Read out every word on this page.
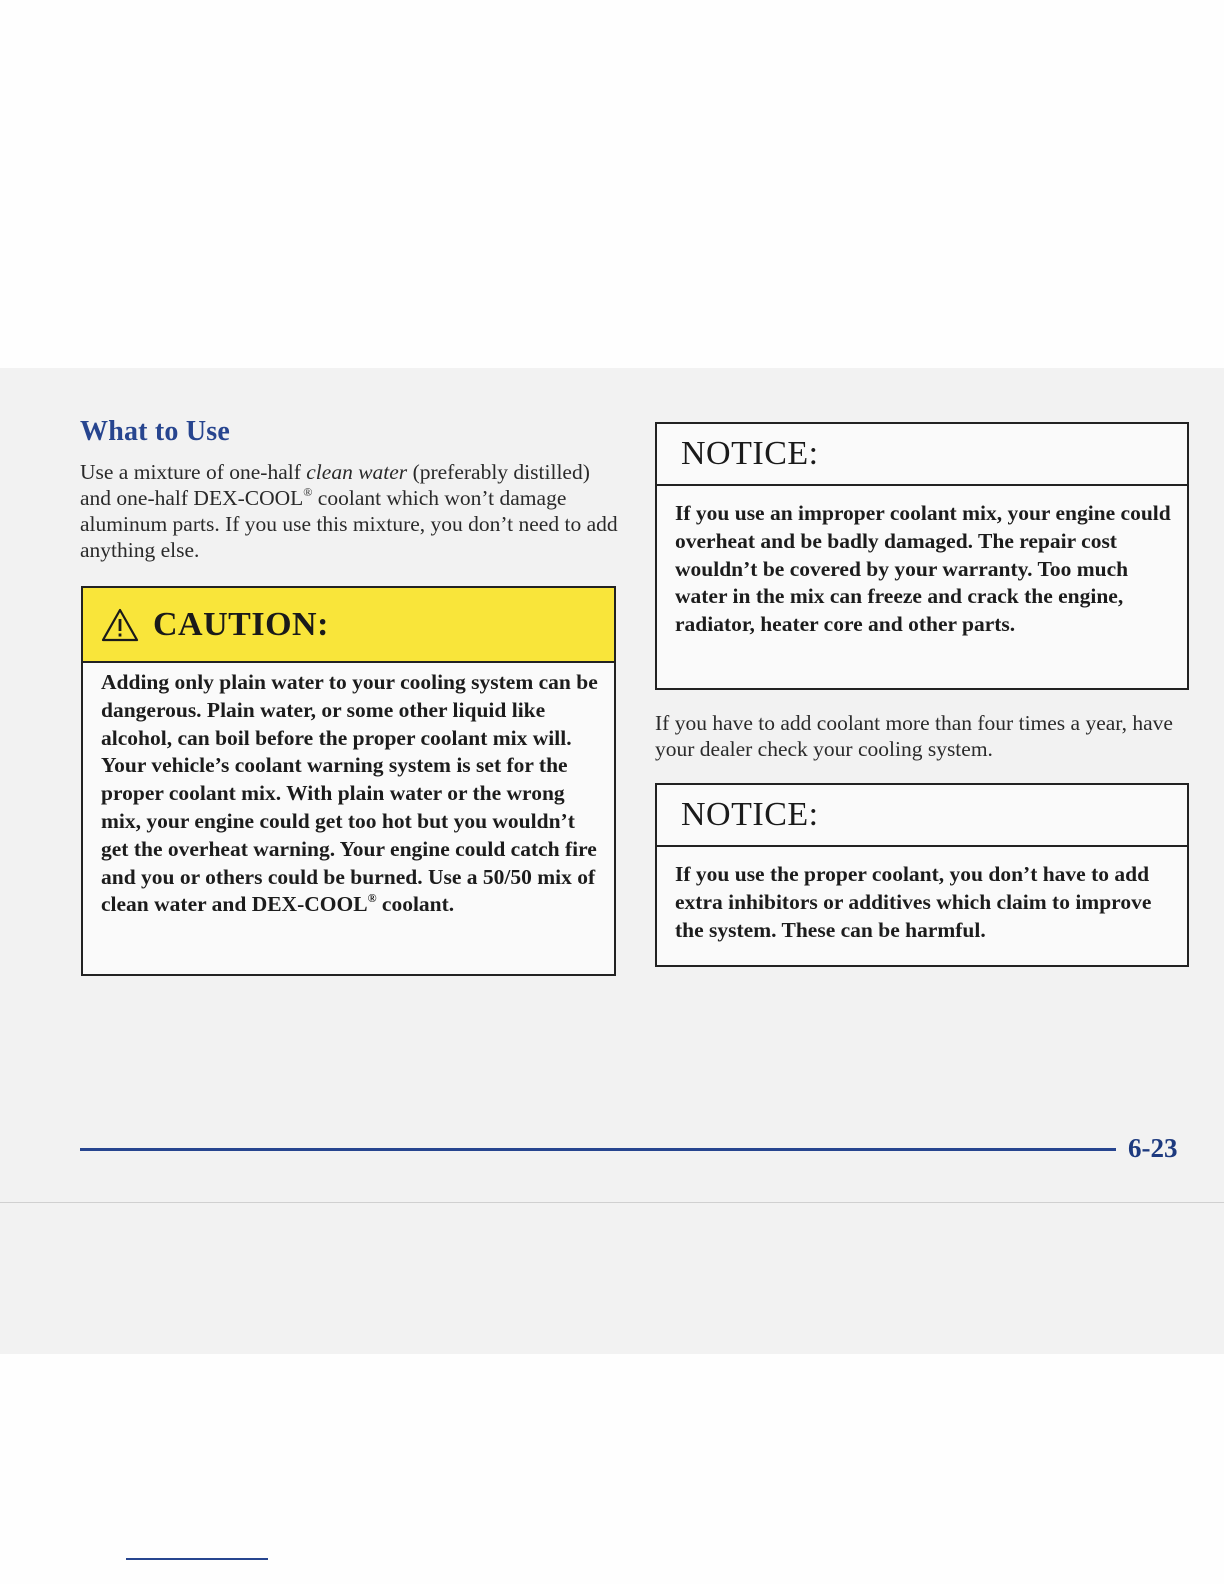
What to Use

Use a mixture of one-half clean water (preferably distilled) and one-half DEX-COOL® coolant which won’t damage aluminum parts. If you use this mixture, you don’t need to add anything else.

CAUTION:
Adding only plain water to your cooling system can be dangerous. Plain water, or some other liquid like alcohol, can boil before the proper coolant mix will. Your vehicle’s coolant warning system is set for the proper coolant mix. With plain water or the wrong mix, your engine could get too hot but you wouldn’t get the overheat warning. Your engine could catch fire and you or others could be burned. Use a 50/50 mix of clean water and DEX-COOL® coolant.
NOTICE:
If you use an improper coolant mix, your engine could overheat and be badly damaged. The repair cost wouldn’t be covered by your warranty. Too much water in the mix can freeze and crack the engine, radiator, heater core and other parts.

If you have to add coolant more than four times a year, have your dealer check your cooling system.

NOTICE:
If you use the proper coolant, you don’t have to add extra inhibitors or additives which claim to improve the system. These can be harmful.
6-23
